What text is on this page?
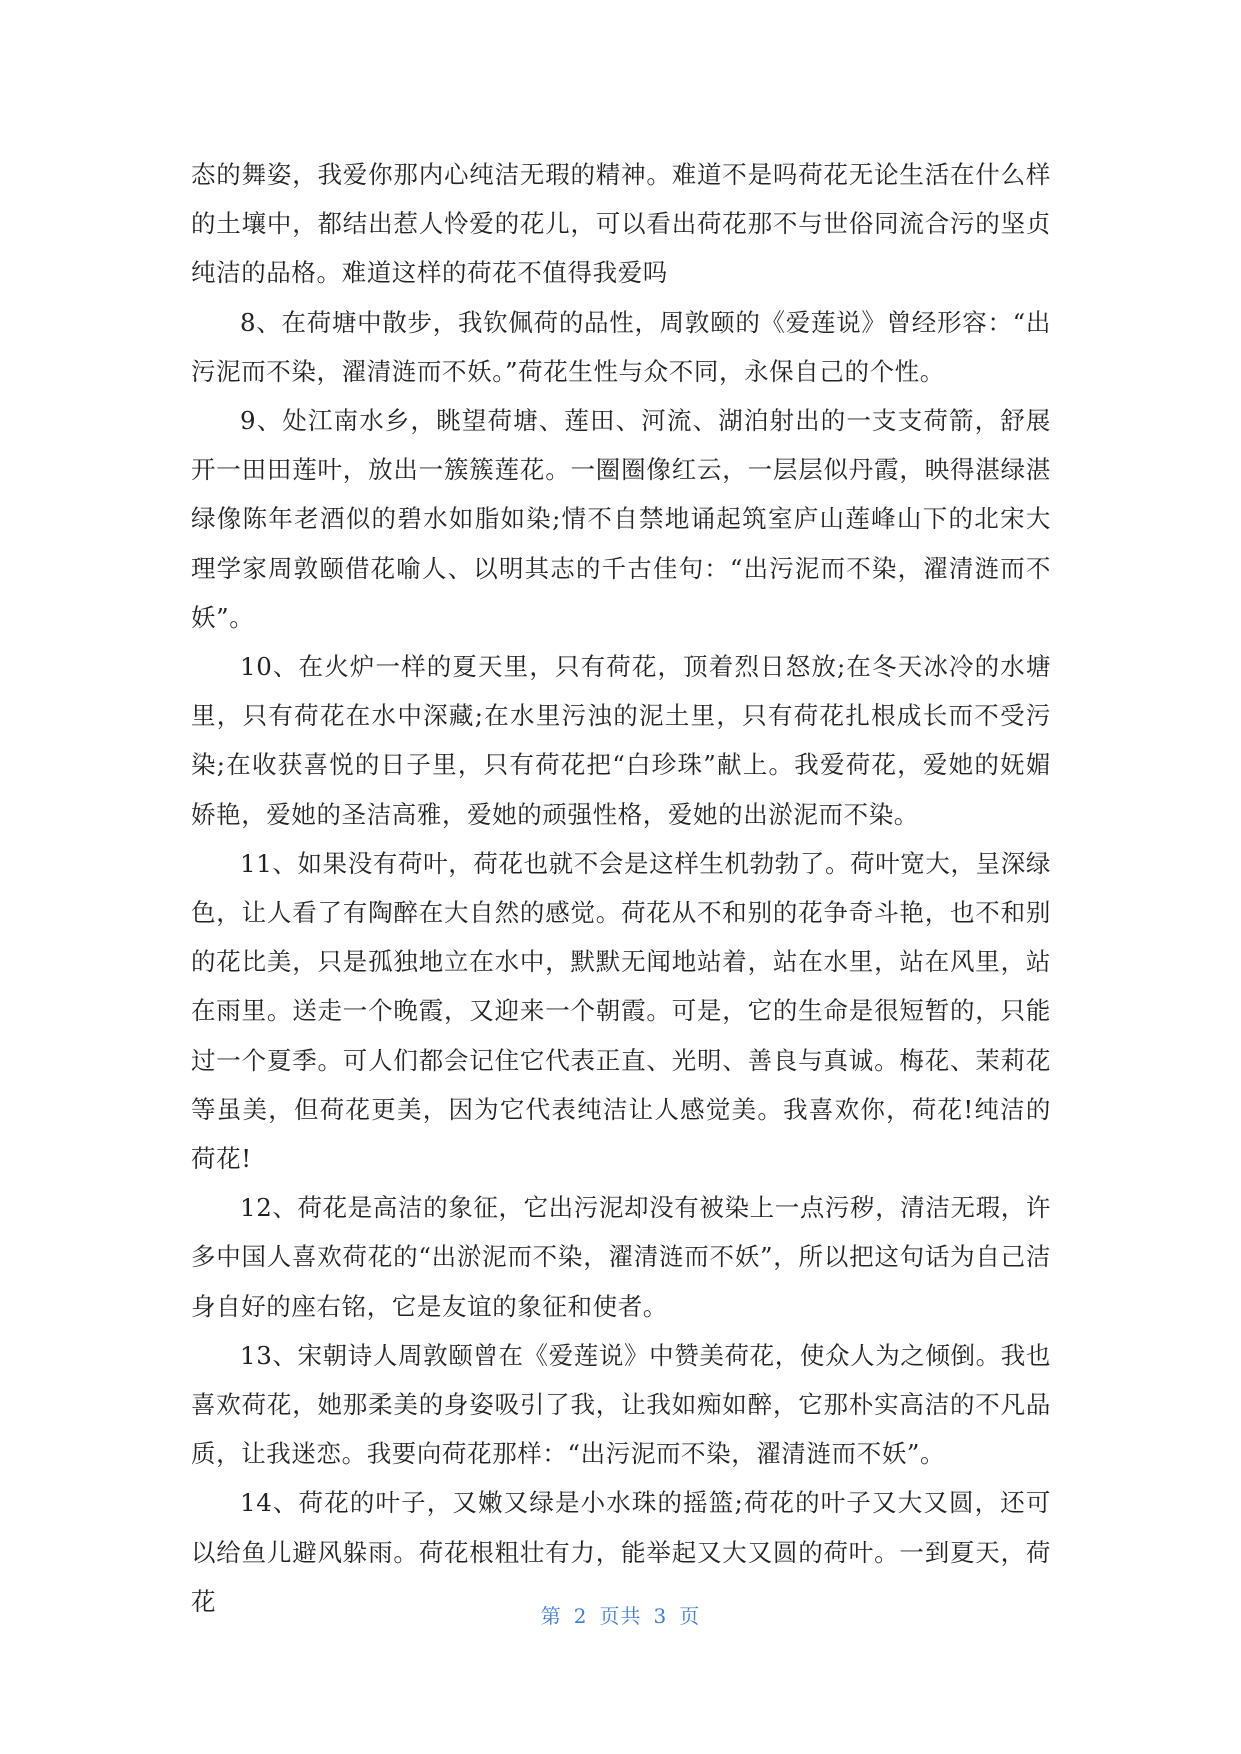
态的舞姿，我爱你那内心纯洁无瑕的精神。难道不是吗荷花无论生活在什么样的土壤中，都结出惹人怜爱的花儿，可以看出荷花那不与世俗同流合污的坚贞纯洁的品格。难道这样的荷花不值得我爱吗

8、在荷塘中散步，我钦佩荷的品性，周敦颐的《爱莲说》曾经形容：“出污泥而不染，濯清涟而不妖。”荷花生性与众不同，永保自己的个性。

9、处江南水乡，眺望荷塘、莲田、河流、湖泊射出的一支支荷箭，舒展开一田田莲叶，放出一簇簇莲花。一圈圈像红云，一层层似丹霞，映得湛绿湛绿像陈年老酒似的碧水如脂如染;情不自禁地诵起筑室庐山莲峰山下的北宋大理学家周敦颐借花喻人、以明其志的千古佳句：“出污泥而不染，濯清涟而不妖”。

10、在火炉一样的夏天里，只有荷花，顶着烈日怒放;在冬天冰冷的水塘里，只有荷花在水中深藏;在水里污浊的泥土里，只有荷花扎根成长而不受污染;在收获喜悦的日子里，只有荷花把“白珍珠”献上。我爱荷花，爱她的妩媚娇艳，爱她的圣洁高雅，爱她的顽强性格，爱她的出淤泥而不染。

11、如果没有荷叶，荷花也就不会是这样生机勃勃了。荷叶宽大，呈深绿色，让人看了有陶醉在大自然的感觉。荷花从不和别的花争奇斗艳，也不和别的花比美，只是孤独地立在水中，默默无闻地站着，站在水里，站在风里，站在雨里。送走一个晚霞，又迎来一个朝霞。可是，它的生命是很短暂的，只能过一个夏季。可人们都会记住它代表正直、光明、善良与真诚。梅花、茉莉花等虽美，但荷花更美，因为它代表纯洁让人感觉美。我喜欢你，荷花!纯洁的荷花!

12、荷花是高洁的象征，它出污泥却没有被染上一点污秽，清洁无瑕，许多中国人喜欢荷花的“出淤泥而不染，濯清涟而不妖”，所以把这句话为自己洁身自好的座右铭，它是友谊的象征和使者。

13、宋朝诗人周敦颐曾在《爱莲说》中赞美荷花，使众人为之倾倒。我也喜欢荷花，她那柔美的身姿吸引了我，让我如痴如醉，它那朴实高洁的不凡品质，让我迷恋。我要向荷花那样：“出污泥而不染，濯清涟而不妖”。

14、荷花的叶子，又嫩又绿是小水珠的摇篮;荷花的叶子又大又圆，还可以给鱼儿避风躲雨。荷花根粗壮有力，能举起又大又圆的荷叶。一到夏天，荷花

第 2 页共 3 页
